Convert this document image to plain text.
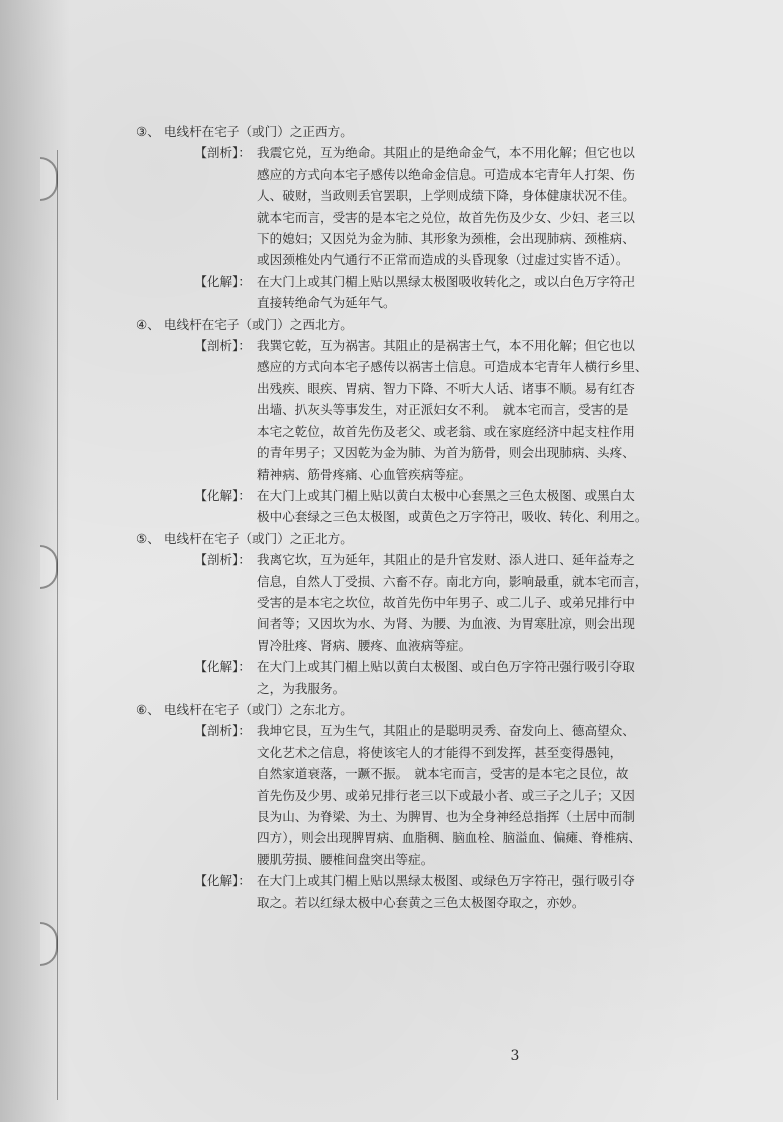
③、 电线杆在宅子（或门）之正西方。

【剖析】： 我震它兑，互为绝命。其阻止的是绝命金气，本不用化解；但它也以
感应的方式向本宅子感传以绝命金信息。可造成本宅青年人打架、伤
人、破财，当政则丢官罢职，上学则成绩下降，身体健康状况不佳。
就本宅而言，受害的是本宅之兑位，故首先伤及少女、少妇、老三以
下的媳妇；又因兑为金为肺、其形象为颈椎，会出现肺病、颈椎病、
或因颈椎处内气通行不正常而造成的头昏现象（过虚过实皆不适）。
【化解】： 在大门上或其门楣上贴以黑绿太极图吸收转化之，或以白色万字符卍
直接转绝命气为延年气。

④、 电线杆在宅子（或门）之西北方。

【剖析】： 我巽它乾，互为祸害。其阻止的是祸害土气，本不用化解；但它也以
感应的方式向本宅子感传以祸害土信息。可造成本宅青年人横行乡里、
出残疾、眼疾、胃病、智力下降、不听大人话、诸事不顺。易有红杏
出墙、扒灰头等事发生，对正派妇女不利。　就本宅而言，受害的是
本宅之乾位，故首先伤及老父、或老翁、或在家庭经济中起支柱作用
的青年男子；又因乾为金为肺、为首为筋骨，则会出现肺病、头疼、
精神病、筋骨疼痛、心血管疾病等症。
【化解】： 在大门上或其门楣上贴以黄白太极中心套黑之三色太极图、或黑白太
极中心套绿之三色太极图，或黄色之万字符卍，吸收、转化、利用之。

⑤、 电线杆在宅子（或门）之正北方。

【剖析】： 我离它坎，互为延年，其阻止的是升官发财、添人进口、延年益寿之
信息，自然人丁受损、六畜不存。南北方向，影响最重，就本宅而言，
受害的是本宅之坎位，故首先伤中年男子、或二儿子、或弟兄排行中
间者等；又因坎为水、为肾、为腰、为血液、为胃寒肚凉，则会出现
胃冷肚疼、肾病、腰疼、血液病等症。
【化解】： 在大门上或其门楣上贴以黄白太极图、或白色万字符卍强行吸引夺取
之，为我服务。

⑥、 电线杆在宅子（或门）之东北方。

【剖析】： 我坤它艮，互为生气，其阻止的是聪明灵秀、奋发向上、德高望众、
文化艺术之信息，将使该宅人的才能得不到发挥，甚至变得愚钝，
自然家道衰落，一蹶不振。　就本宅而言，受害的是本宅之艮位，故
首先伤及少男、或弟兄排行老三以下或最小者、或三子之儿子；又因
艮为山、为脊梁、为土、为脾胃、也为全身神经总指挥（土居中而制
四方），则会出现脾胃病、血脂稠、脑血栓、脑溢血、偏瘫、脊椎病、
腰肌劳损、腰椎间盘突出等症。
【化解】： 在大门上或其门楣上贴以黑绿太极图、或绿色万字符卍，强行吸引夺
取之。若以红绿太极中心套黄之三色太极图夺取之，亦妙。
3
